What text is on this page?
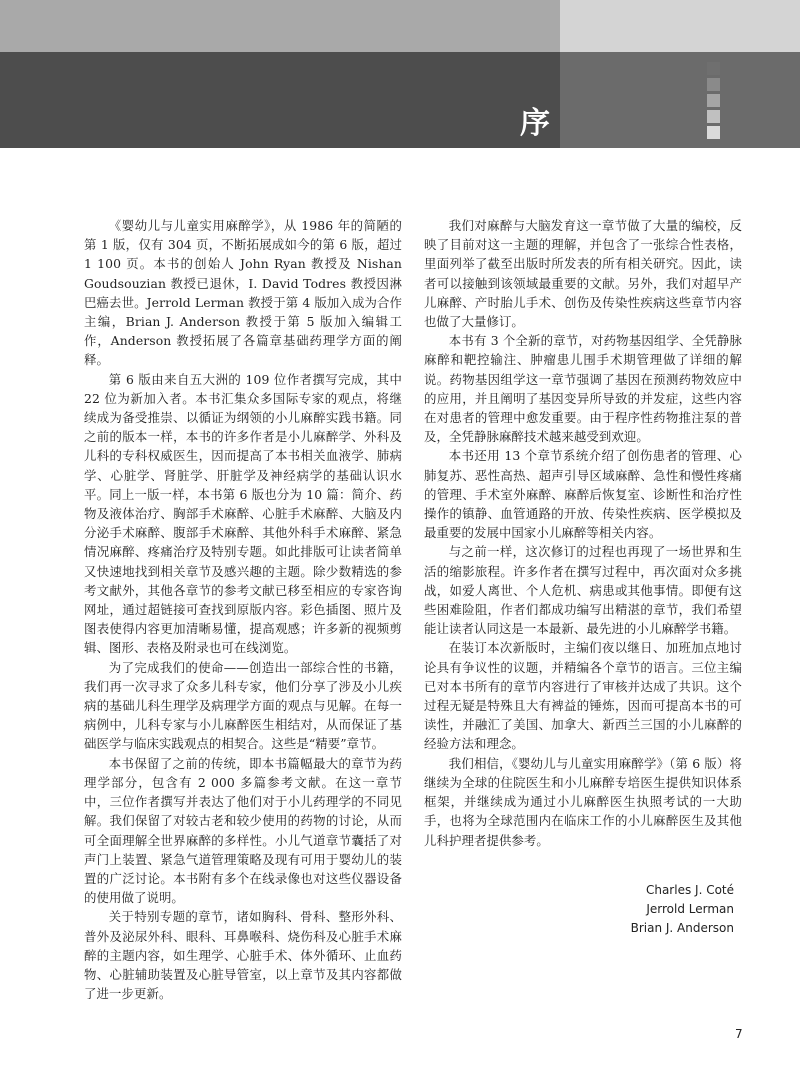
序

《婴幼儿与儿童实用麻醉学》，从 1986 年的简陋的第 1 版，仅有 304 页，不断拓展成如今的第 6 版，超过 1 100 页。本书的创始人 John Ryan 教授及 Nishan Goudsouzian 教授已退休，I. David Todres 教授因淋巴癌去世。Jerrold Lerman 教授于第 4 版加入成为合作主编，Brian J. Anderson 教授于第 5 版加入编辑工作，Anderson 教授拓展了各篇章基础药理学方面的阐释。

第 6 版由来自五大洲的 109 位作者撰写完成，其中 22 位为新加入者。本书汇集众多国际专家的观点，将继续成为备受推崇、以循证为纲领的小儿麻醉实践书籍。同之前的版本一样，本书的许多作者是小儿麻醉学、外科及儿科的专科权威医生，因而提高了本书相关血液学、肺病学、心脏学、肾脏学、肝脏学及神经病学的基础认识水平。同上一版一样，本书第 6 版也分为 10 篇：简介、药物及液体治疗、胸部手术麻醉、心脏手术麻醉、大脑及内分泌手术麻醉、腹部手术麻醉、其他外科手术麻醉、紧急情况麻醉、疼痛治疗及特别专题。如此排版可让读者简单又快速地找到相关章节及感兴趣的主题。除少数精选的参考文献外，其他各章节的参考文献已移至相应的专家咨询网址，通过超链接可查找到原版内容。彩色插图、照片及图表使得内容更加清晰易懂，提高观感；许多新的视频剪辑、图形、表格及附录也可在线浏览。

为了完成我们的使命——创造出一部综合性的书籍，我们再一次寻求了众多儿科专家，他们分享了涉及小儿疾病的基础儿科生理学及病理学方面的观点与见解。在每一病例中，儿科专家与小儿麻醉医生相结对，从而保证了基础医学与临床实践观点的相契合。这些是“精要”章节。

本书保留了之前的传统，即本书篇幅最大的章节为药理学部分，包含有 2 000 多篇参考文献。在这一章节中，三位作者撰写并表达了他们对于小儿药理学的不同见解。我们保留了对较古老和较少使用的药物的讨论，从而可全面理解全世界麻醉的多样性。小儿气道章节囊括了对声门上装置、紧急气道管理策略及现有可用于婴幼儿的装置的广泛讨论。本书附有多个在线录像也对这些仪器设备的使用做了说明。

关于特别专题的章节，诸如胸科、骨科、整形外科、普外及泌尿外科、眼科、耳鼻喉科、烧伤科及心脏手术麻醉的主题内容，如生理学、心脏手术、体外循环、止血药物、心脏辅助装置及心脏导管室，以上章节及其内容都做了进一步更新。

我们对麻醉与大脑发育这一章节做了大量的编校，反映了目前对这一主题的理解，并包含了一张综合性表格，里面列举了截至出版时所发表的所有相关研究。因此，读者可以接触到该领域最重要的文献。另外，我们对超早产儿麻醉、产时胎儿手术、创伤及传染性疾病这些章节内容也做了大量修订。

本书有 3 个全新的章节，对药物基因组学、全凭静脉麻醉和靶控输注、肿瘤患儿围手术期管理做了详细的解说。药物基因组学这一章节强调了基因在预测药物效应中的应用，并且阐明了基因变异所导致的并发症，这些内容在对患者的管理中愈发重要。由于程序性药物推注泵的普及，全凭静脉麻醉技术越来越受到欢迎。

本书还用 13 个章节系统介绍了创伤患者的管理、心肺复苏、恶性高热、超声引导区域麻醉、急性和慢性疼痛的管理、手术室外麻醉、麻醉后恢复室、诊断性和治疗性操作的镇静、血管通路的开放、传染性疾病、医学模拟及最重要的发展中国家小儿麻醉等相关内容。

与之前一样，这次修订的过程也再现了一场世界和生活的缩影旅程。许多作者在撰写过程中，再次面对众多挑战，如爱人离世、个人危机、病患或其他事情。即便有这些困难险阻，作者们都成功编写出精湛的章节，我们希望能让读者认同这是一本最新、最先进的小儿麻醉学书籍。

在装订本次新版时，主编们夜以继日、加班加点地讨论具有争议性的议题，并精编各个章节的语言。三位主编已对本书所有的章节内容进行了审核并达成了共识。这个过程无疑是特殊且大有裨益的锤炼，因而可提高本书的可读性，并融汇了美国、加拿大、新西兰三国的小儿麻醉的经验方法和理念。

我们相信，《婴幼儿与儿童实用麻醉学》（第 6 版）将继续为全球的住院医生和小儿麻醉专培医生提供知识体系框架，并继续成为通过小儿麻醉医生执照考试的一大助手，也将为全球范围内在临床工作的小儿麻醉医生及其他儿科护理者提供参考。

Charles J. Coté
Jerrold Lerman
Brian J. Anderson
7
